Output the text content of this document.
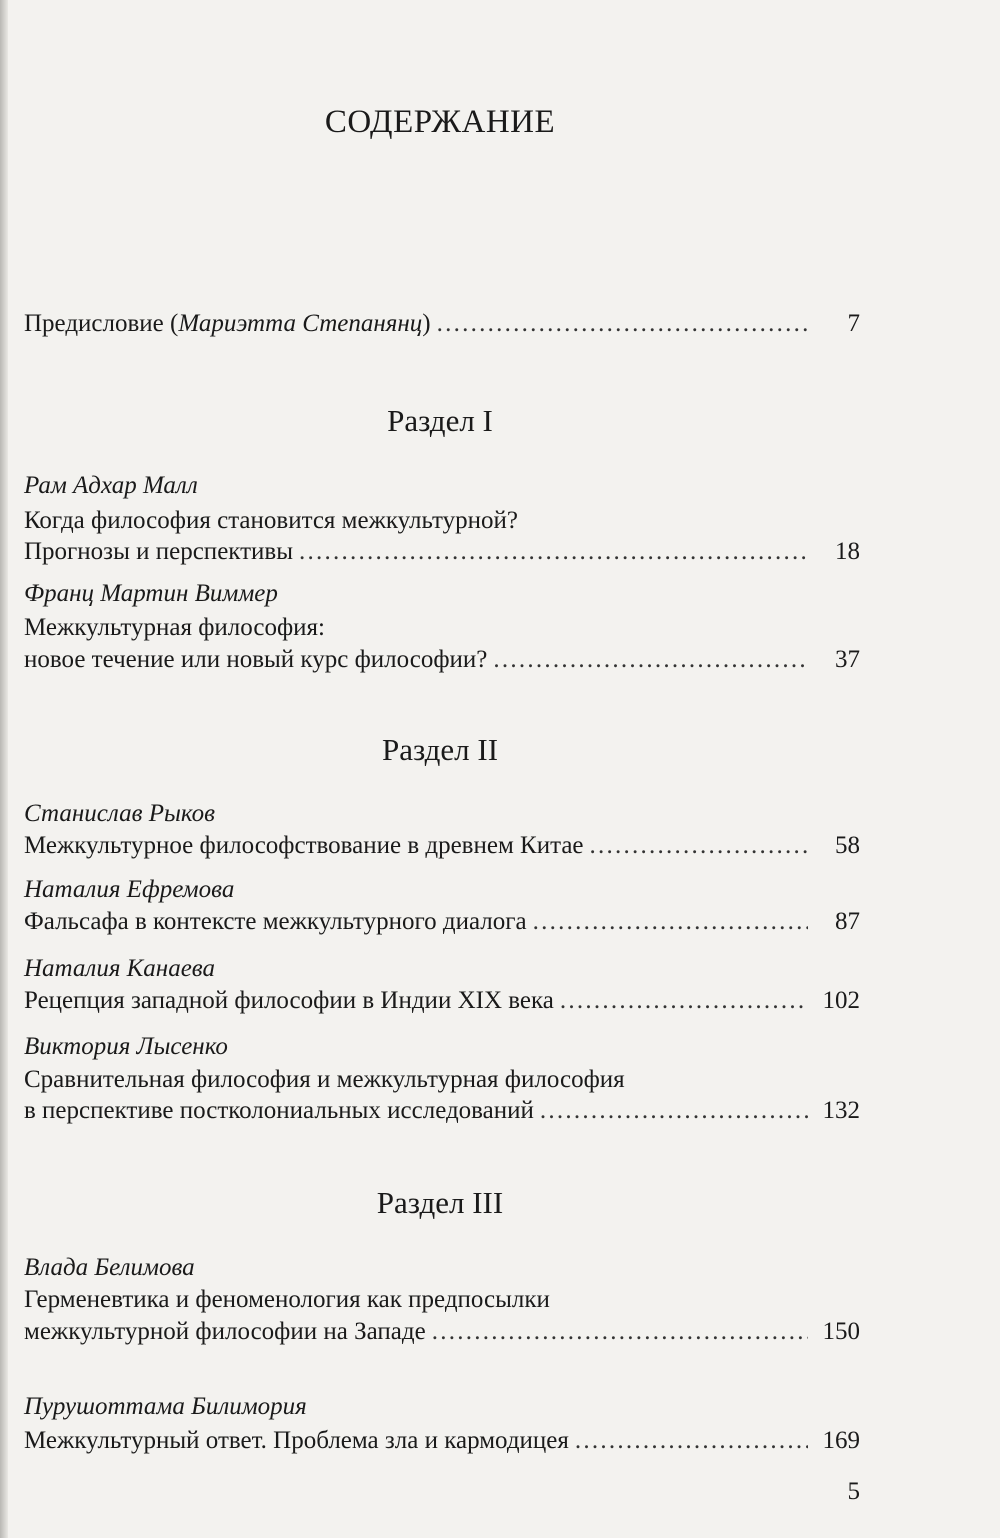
СОДЕРЖАНИЕ
Предисловие (Мариэтта Степанянц) . . .	7
Раздел I
Рам Адхар Малл
Когда философия становится межкультурной?
Прогнозы и перспективы . . .	18
Франц Мартин Виммер
Межкультурная философия:
новое течение или новый курс философии? . . .	37
Раздел II
Станислав Рыков
Межкультурное философствование в древнем Китае . . .	58
Наталия Ефремова
Фальсафа в контексте межкультурного диалога . . .	87
Наталия Канаева
Рецепция западной философии в Индии XIX века . . .	102
Виктория Лысенко
Сравнительная философия и межкультурная философия
в перспективе постколониальных исследований . . .	132
Раздел III
Влада Белимова
Герменевтика и феноменология как предпосылки
межкультурной философии на Западе . . .	150
Пурушоттама Билимория
Межкультурный ответ. Проблема зла и кармодицея . . .	169
5
